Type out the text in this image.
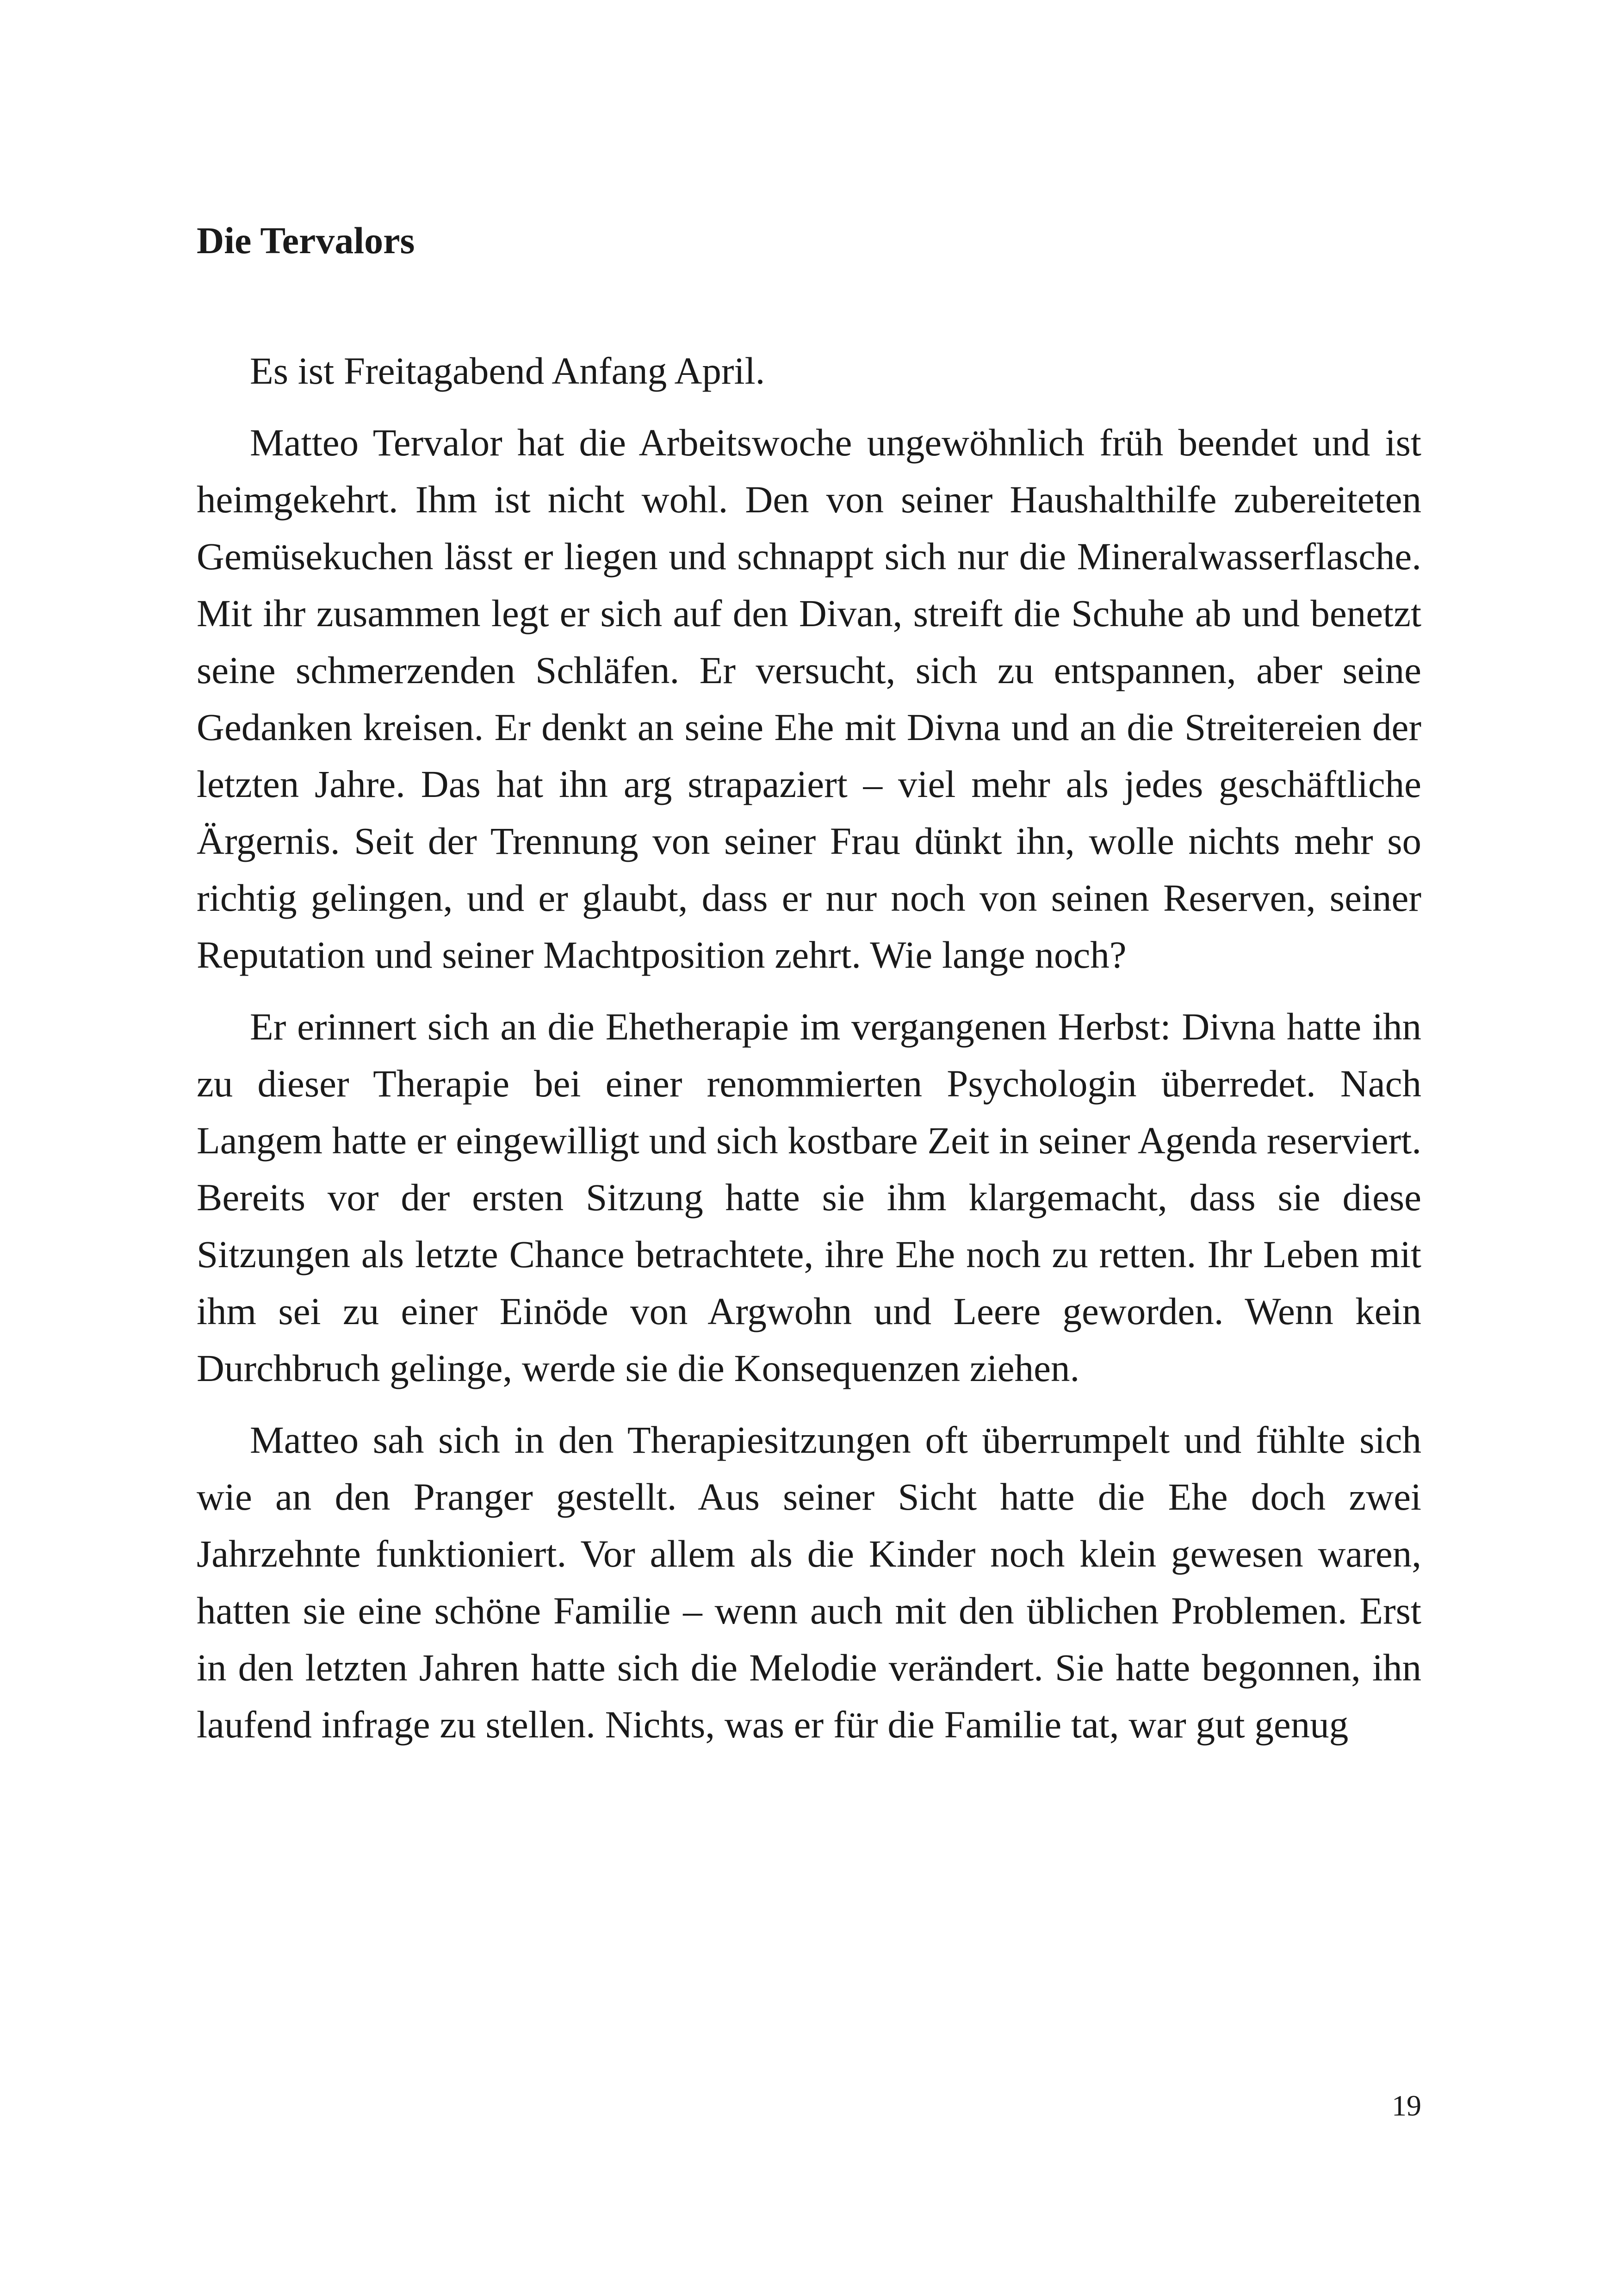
Die Tervalors

Es ist Freitagabend Anfang April.

Matteo Tervalor hat die Arbeitswoche ungewöhnlich früh beendet und ist heimgekehrt. Ihm ist nicht wohl. Den von seiner Haushalthilfe zubereiteten Gemüsekuchen lässt er liegen und schnappt sich nur die Mineralwasserflasche. Mit ihr zusammen legt er sich auf den Divan, streift die Schuhe ab und benetzt seine schmerzenden Schläfen. Er versucht, sich zu entspannen, aber seine Gedanken kreisen. Er denkt an seine Ehe mit Divna und an die Streitereien der letzten Jahre. Das hat ihn arg strapaziert – viel mehr als jedes geschäftliche Ärgernis. Seit der Trennung von seiner Frau dünkt ihn, wolle nichts mehr so richtig gelingen, und er glaubt, dass er nur noch von seinen Reserven, seiner Reputation und seiner Machtposition zehrt. Wie lange noch?

Er erinnert sich an die Ehetherapie im vergangenen Herbst: Divna hatte ihn zu dieser Therapie bei einer renommierten Psychologin überredet. Nach Langem hatte er eingewilligt und sich kostbare Zeit in seiner Agenda reserviert. Bereits vor der ersten Sitzung hatte sie ihm klargemacht, dass sie diese Sitzungen als letzte Chance betrachtete, ihre Ehe noch zu retten. Ihr Leben mit ihm sei zu einer Einöde von Argwohn und Leere geworden. Wenn kein Durchbruch gelinge, werde sie die Konsequenzen ziehen.

Matteo sah sich in den Therapiesitzungen oft überrumpelt und fühlte sich wie an den Pranger gestellt. Aus seiner Sicht hatte die Ehe doch zwei Jahrzehnte funktioniert. Vor allem als die Kinder noch klein gewesen waren, hatten sie eine schöne Familie – wenn auch mit den üblichen Problemen. Erst in den letzten Jahren hatte sich die Melodie verändert. Sie hatte begonnen, ihn laufend infrage zu stellen. Nichts, was er für die Familie tat, war gut genug

19
